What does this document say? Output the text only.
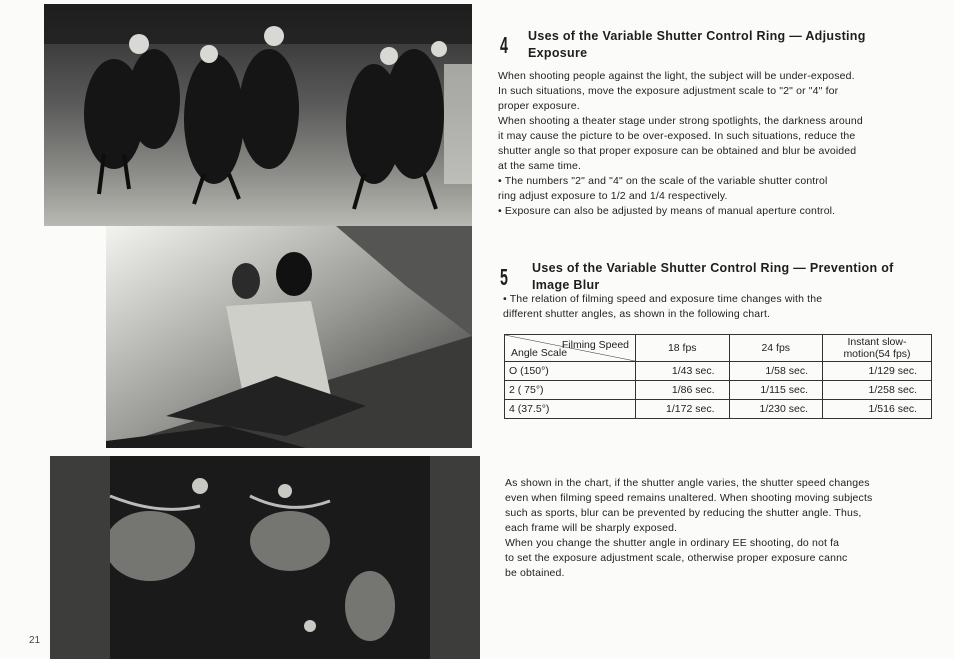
21
4 Uses of the Variable Shutter Control Ring — Adjusting
Exposure

When shooting people against the light, the subject will be under-exposed.

In such situations, move the exposure adjustment scale to "2" or "4" for

proper exposure.

When shooting a theater stage under strong spotlights, the darkness around

it may cause the picture to be over-exposed. In such situations, reduce the

shutter angle so that proper exposure can be obtained and blur be avoided

at the same time.

• The numbers "2" and "4" on the scale of the variable shutter control

ring adjust exposure to 1/2 and 1/4 respectively.

• Exposure can also be adjusted by means of manual aperture control.

5 Uses of the Variable Shutter Control Ring — Prevention of
Image Blur

• The relation of filming speed and exposure time changes with the

different shutter angles, as shown in the following chart.

Filming Speed
Angle Scale	18 fps	24 fps	Instant slow-motion(54 fps)
O (150°)	1/43 sec.	1/58 sec.	1/129 sec.
2 ( 75°)	1/86 sec.	1/115 sec.	1/258 sec.
4 (37.5°)	1/172 sec.	1/230 sec.	1/516 sec.

As shown in the chart, if the shutter angle varies, the shutter speed changes

even when filming speed remains unaltered. When shooting moving subjects

such as sports, blur can be prevented by reducing the shutter angle. Thus,

each frame will be sharply exposed.

When you change the shutter angle in ordinary EE shooting, do not fa

to set the exposure adjustment scale, otherwise proper exposure cannc

be obtained.
